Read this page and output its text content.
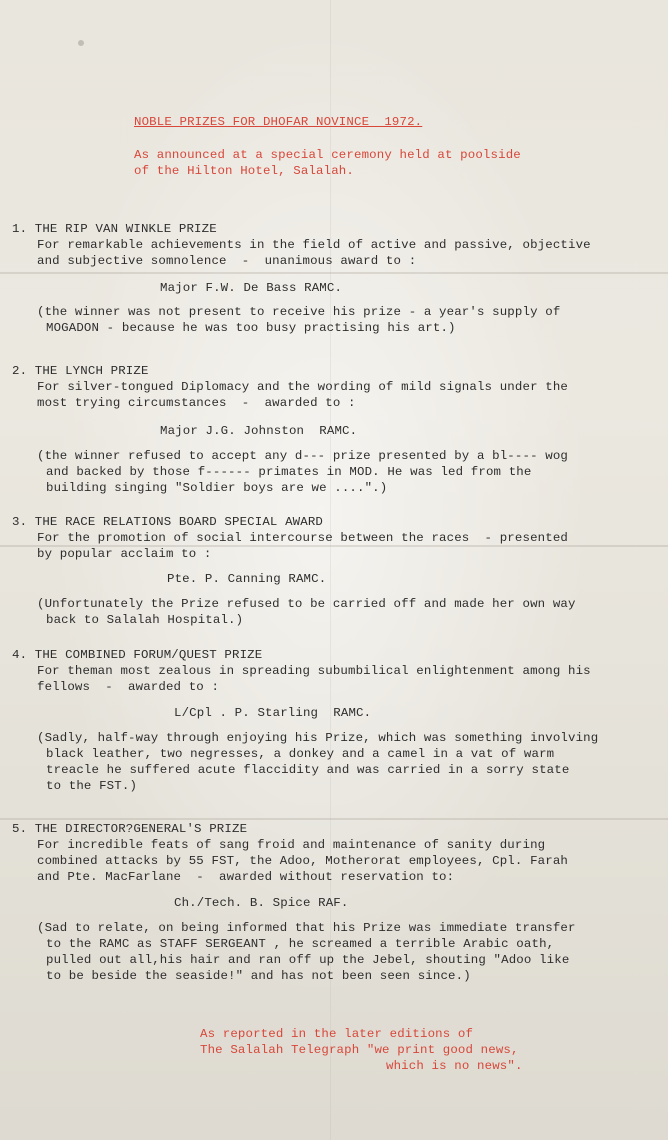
NOBLE PRIZES FOR DHOFAR NOVINCE  1972.
As announced at a special ceremony held at poolside
of the Hilton Hotel, Salalah.
1. THE RIP VAN WINKLE PRIZE
For remarkable achievements in the field of active and passive, objective
and subjective somnolence  -  unanimous award to :
Major F.W. De Bass RAMC.
(the winner was not present to receive his prize - a year's supply of
MOGADON - because he was too busy practising his art.)
2. THE LYNCH PRIZE
For silver-tongued Diplomacy and the wording of mild signals under the
most trying circumstances  -  awarded to :
Major J.G. Johnston  RAMC.
(the winner refused to accept any d--- prize presented by a bl---- wog
and backed by those f------ primates in MOD. He was led from the
building singing "Soldier boys are we ....".)
3. THE RACE RELATIONS BOARD SPECIAL AWARD
For the promotion of social intercourse between the races  - presented
by popular acclaim to :
Pte. P. Canning RAMC.
(Unfortunately the Prize refused to be carried off and made her own way
back to Salalah Hospital.)
4. THE COMBINED FORUM/QUEST PRIZE
For theman most zealous in spreading subumbilical enlightenment among his
fellows  -  awarded to :
L/Cpl . P. Starling  RAMC.
(Sadly, half-way through enjoying his Prize, which was something involving
black leather, two negresses, a donkey and a camel in a vat of warm
treacle he suffered acute flaccidity and was carried in a sorry state
to the FST.)
5. THE DIRECTOR?GENERAL'S PRIZE
For incredible feats of sang froid and maintenance of sanity during
combined attacks by 55 FST, the Adoo, Motherorat employees, Cpl. Farah
and Pte. MacFarlane  -  awarded without reservation to:
Ch./Tech. B. Spice RAF.
(Sad to relate, on being informed that his Prize was immediate transfer
to the RAMC as STAFF SERGEANT , he screamed a terrible Arabic oath,
pulled out all,his hair and ran off up the Jebel, shouting "Adoo like
to be beside the seaside!" and has not been seen since.)
As reported in the later editions of
The Salalah Telegraph "we print good news,
which is no news".
